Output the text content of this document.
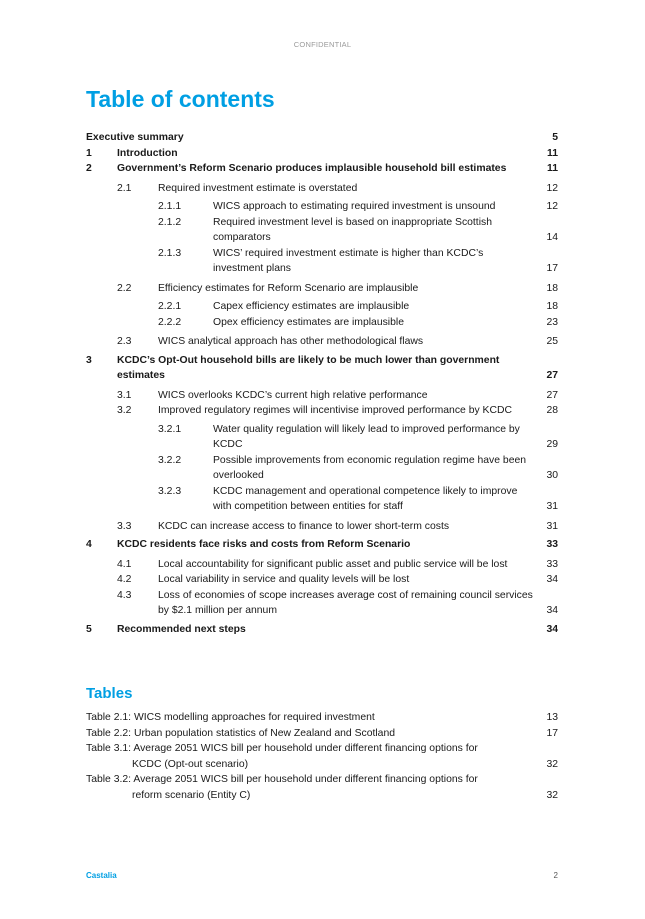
CONFIDENTIAL
Table of contents
Executive summary	5
1	Introduction	11
2	Government’s Reform Scenario produces implausible household bill estimates	11
2.1	Required investment estimate is overstated	12
2.1.1	WICS approach to estimating required investment is unsound	12
2.1.2	Required investment level is based on inappropriate Scottish comparators	14
2.1.3	WICS’ required investment estimate is higher than KCDC’s investment plans	17
2.2	Efficiency estimates for Reform Scenario are implausible	18
2.2.1	Capex efficiency estimates are implausible	18
2.2.2	Opex efficiency estimates are implausible	23
2.3	WICS analytical approach has other methodological flaws	25
3	KCDC’s Opt-Out household bills are likely to be much lower than government estimates	27
3.1	WICS overlooks KCDC’s current high relative performance	27
3.2	Improved regulatory regimes will incentivise improved performance by KCDC	28
3.2.1	Water quality regulation will likely lead to improved performance by KCDC	29
3.2.2	Possible improvements from economic regulation regime have been overlooked	30
3.2.3	KCDC management and operational competence likely to improve with competition between entities for staff	31
3.3	KCDC can increase access to finance to lower short-term costs	31
4	KCDC residents face risks and costs from Reform Scenario	33
4.1	Local accountability for significant public asset and public service will be lost	33
4.2	Local variability in service and quality levels will be lost	34
4.3	Loss of economies of scope increases average cost of remaining council services by $2.1 million per annum	34
5	Recommended next steps	34
Tables
Table 2.1: WICS modelling approaches for required investment	13
Table 2.2: Urban population statistics of New Zealand and Scotland	17
Table 3.1: Average 2051 WICS bill per household under different financing options for
KCDC (Opt-out scenario)	32
Table 3.2: Average 2051 WICS bill per household under different financing options for
reform scenario (Entity C)	32
Castalia	2
